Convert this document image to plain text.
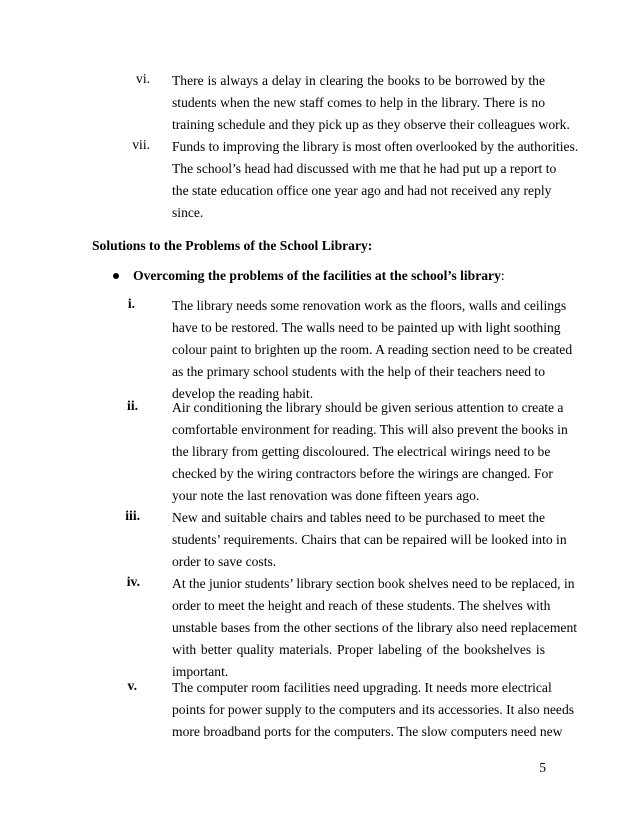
vi. There is always a delay in clearing the books to be borrowed by the
students when the new staff comes to help in the library. There is no
training schedule and they pick up as they observe their colleagues work.
vii. Funds to improving the library is most often overlooked by the authorities.
The school’s head had discussed with me that he had put up a report to
the state education office one year ago and had not received any reply
since.
Solutions to the Problems of the School Library:
Overcoming the problems of the facilities at the school’s library:
i.	The library needs some renovation work as the floors, walls and ceilings
have to be restored. The walls need to be painted up with light soothing
colour paint to brighten up the room. A reading section need to be created
as the primary school students with the help of their teachers need to
develop the reading habit.
ii.	Air conditioning the library should be given serious attention to create a
comfortable environment for reading. This will also prevent the books in
the library from getting discoloured. The electrical wirings need to be
checked by the wiring contractors before the wirings are changed. For
your note the last renovation was done fifteen years ago.
iii. New and suitable chairs and tables need to be purchased to meet the
students’ requirements. Chairs that can be repaired will be looked into in
order to save costs.
iv. At the junior students’ library section book shelves need to be replaced, in
order to meet the height and reach of these students. The shelves with
unstable bases from the other sections of the library also need replacement
with better quality materials. Proper labeling of the bookshelves is
important.
v.	The computer room facilities need upgrading. It needs more electrical
points for power supply to the computers and its accessories. It also needs
more broadband ports for the computers. The slow computers need new
5
